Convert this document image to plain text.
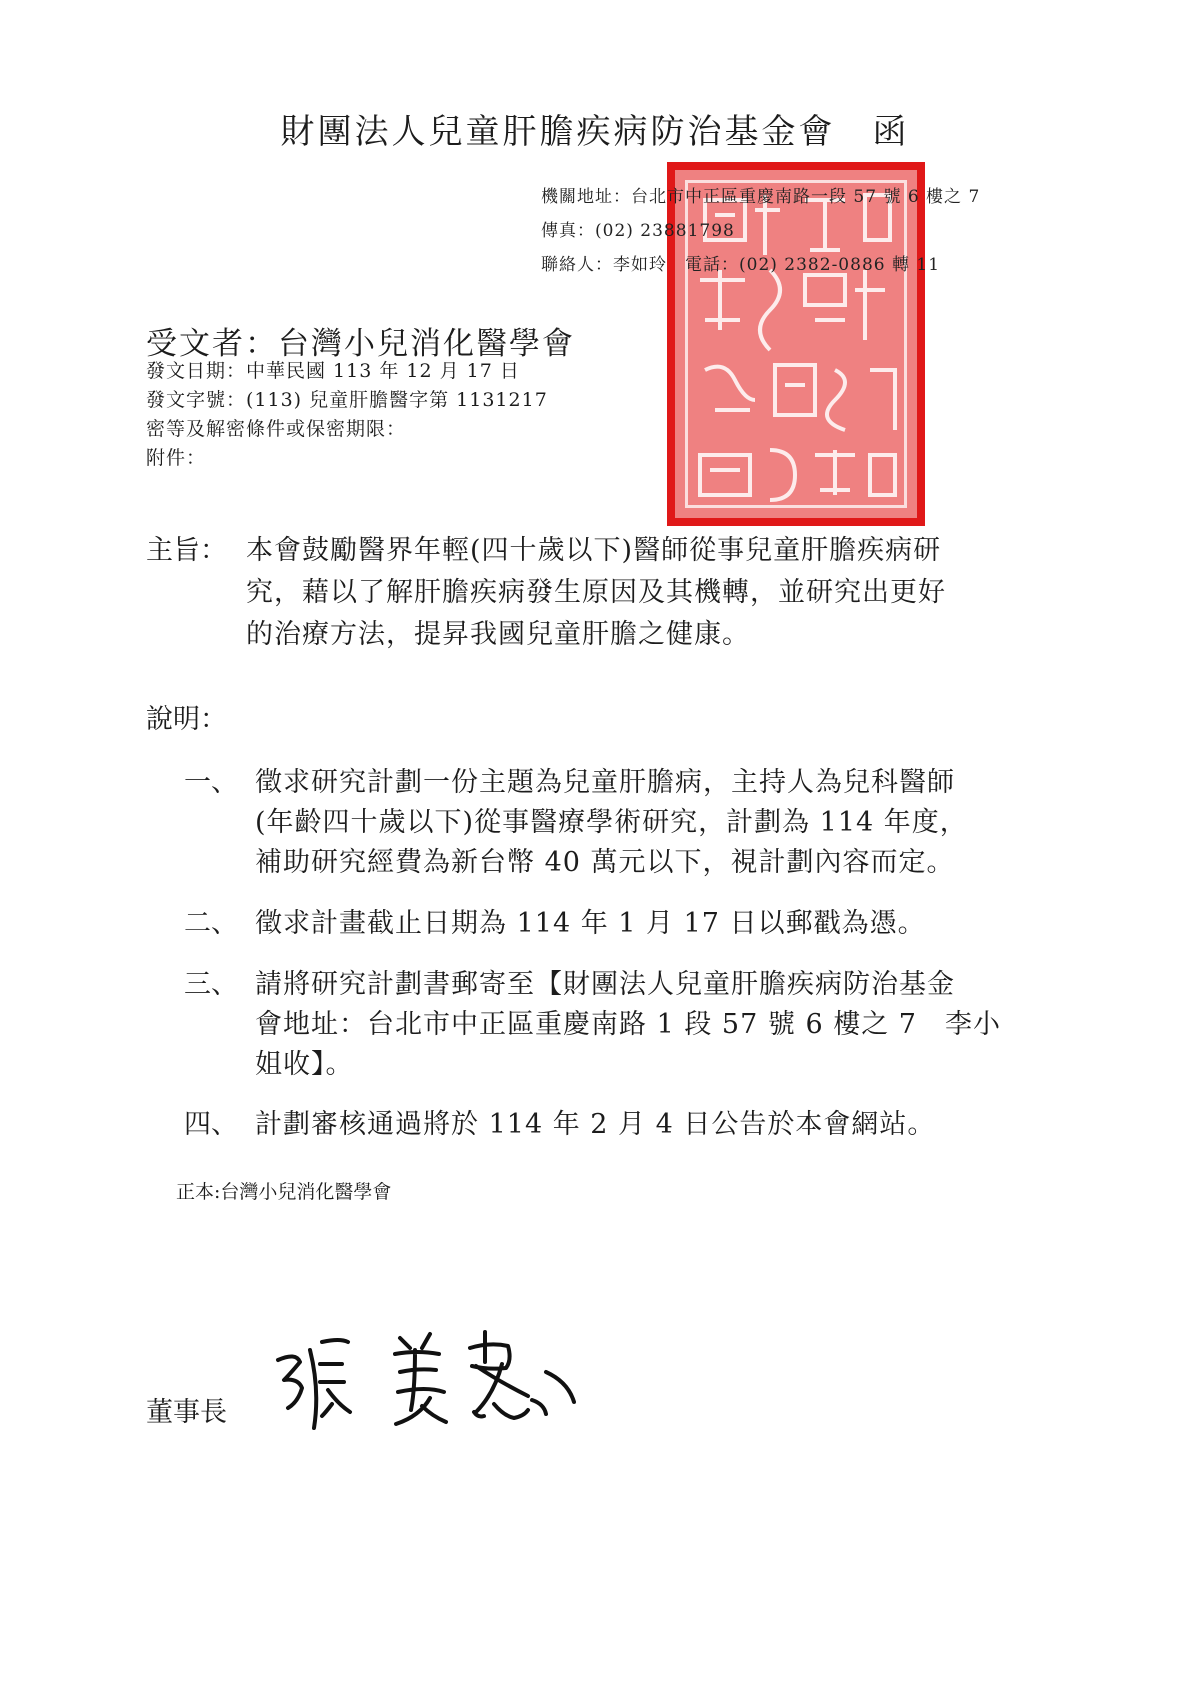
財團法人兒童肝膽疾病防治基金會　函
機關地址：台北市中正區重慶南路一段 57 號 6 樓之 7
傳真：(02) 23881798
聯絡人：李如玲　電話：(02) 2382-0886 轉 11
受文者：台灣小兒消化醫學會
發文日期：中華民國 113 年 12 月 17 日
發文字號：(113) 兒童肝膽醫字第 1131217
密等及解密條件或保密期限：
附件：
主旨： 本會鼓勵醫界年輕(四十歲以下)醫師從事兒童肝膽疾病研
究，藉以了解肝膽疾病發生原因及其機轉，並研究出更好
的治療方法，提昇我國兒童肝膽之健康。
說明：
一、 徵求研究計劃一份主題為兒童肝膽病，主持人為兒科醫師
(年齡四十歲以下)從事醫療學術研究，計劃為 114 年度，
補助研究經費為新台幣 40 萬元以下，視計劃內容而定。
二、 徵求計畫截止日期為 114 年 1 月 17 日以郵戳為憑。
三、 請將研究計劃書郵寄至【財團法人兒童肝膽疾病防治基金
會地址：台北市中正區重慶南路 1 段 57 號 6 樓之 7　李小
姐收】。
四、 計劃審核通過將於 114 年 2 月 4 日公告於本會網站。
正本:台灣小兒消化醫學會
董事長
